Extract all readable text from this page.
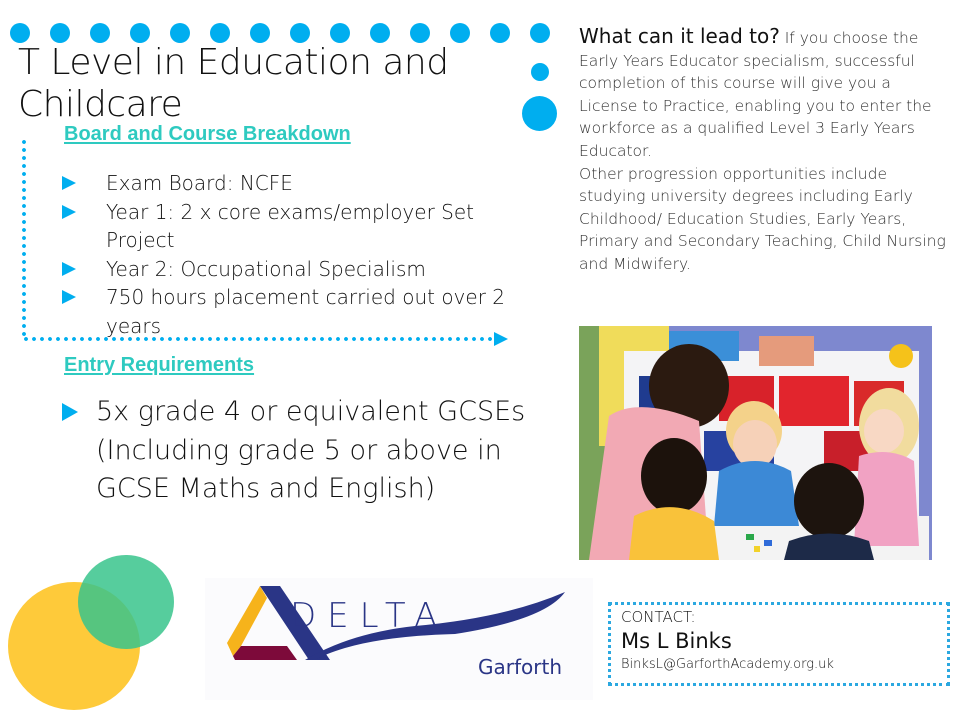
T Level in Education and
Childcare
Board and Course Breakdown
Exam Board: NCFE
Year 1: 2 x core exams/employer Set Project
Year 2: Occupational Specialism
750 hours placement carried out over 2 years
Entry Requirements
5x grade 4 or equivalent GCSEs (Including grade 5 or above in GCSE Maths and English)
What can it lead to? If you choose the Early Years Educator specialism, successful completion of this course will give you a License to Practice, enabling you to enter the workforce as a qualified Level 3 Early Years Educator.
Other progression opportunities include studying university degrees including Early Childhood/ Education Studies, Early Years, Primary and Secondary Teaching, Child Nursing and Midwifery.
DELTA
Garforth
CONTACT:
Ms L Binks
BinksL@GarforthAcademy.org.uk
